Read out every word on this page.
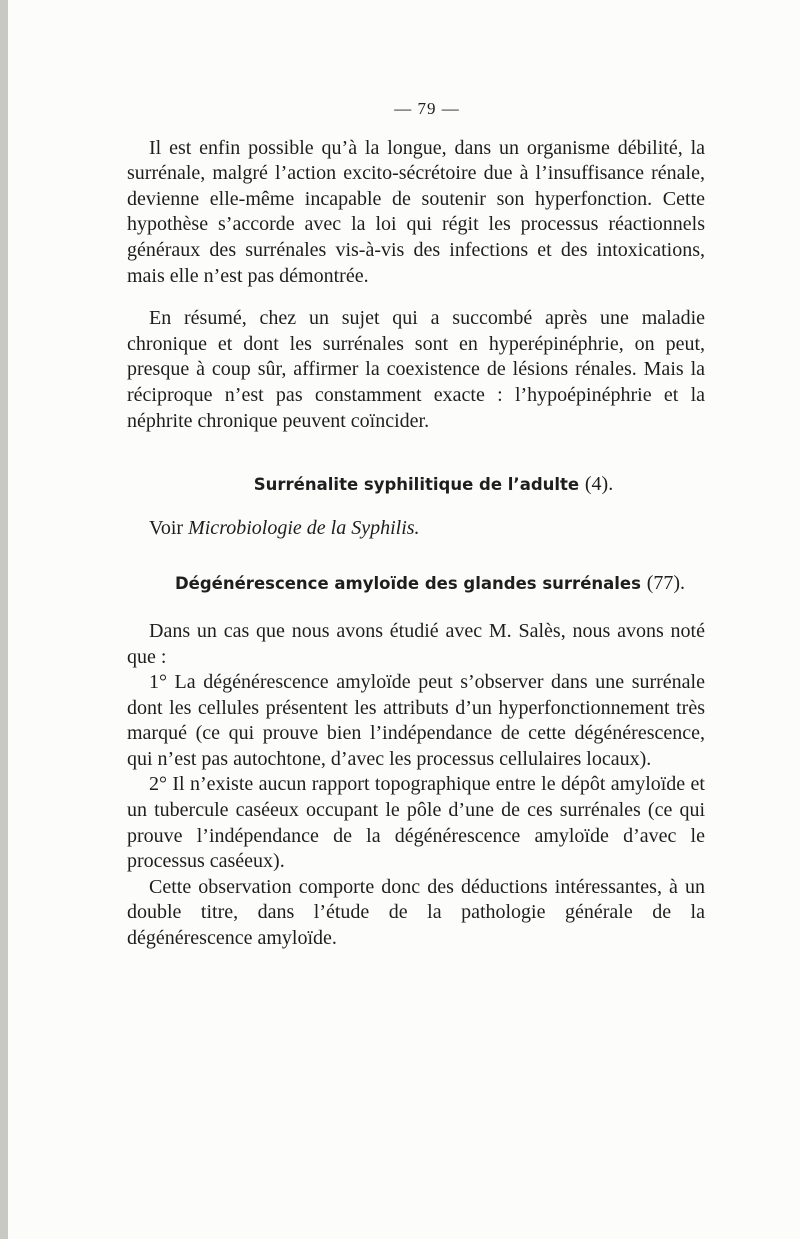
— 79 —

Il est enfin possible qu’à la longue, dans un organisme débilité, la surrénale, malgré l’action excito-sécrétoire due à l’insuffisance rénale, devienne elle-même incapable de soutenir son hyperfonction. Cette hypothèse s’accorde avec la loi qui régit les processus réactionnels généraux des surrénales vis-à-vis des infections et des intoxications, mais elle n’est pas démontrée.

En résumé, chez un sujet qui a succombé après une maladie chronique et dont les surrénales sont en hyperépinéphrie, on peut, presque à coup sûr, affirmer la coexistence de lésions rénales. Mais la réciproque n’est pas constamment exacte : l’hypoépinéphrie et la néphrite chronique peuvent coïncider.

Surrénalite syphilitique de l’adulte (4).

Voir Microbiologie de la Syphilis.

Dégénérescence amyloïde des glandes surrénales (77).

Dans un cas que nous avons étudié avec M. Salès, nous avons noté que :

1° La dégénérescence amyloïde peut s’observer dans une surrénale dont les cellules présentent les attributs d’un hyperfonctionnement très marqué (ce qui prouve bien l’indépendance de cette dégénérescence, qui n’est pas autochtone, d’avec les processus cellulaires locaux).

2° Il n’existe aucun rapport topographique entre le dépôt amyloïde et un tubercule caséeux occupant le pôle d’une de ces surrénales (ce qui prouve l’indépendance de la dégénérescence amyloïde d’avec le processus caséeux).

Cette observation comporte donc des déductions intéressantes, à un double titre, dans l’étude de la pathologie générale de la dégénérescence amyloïde.
